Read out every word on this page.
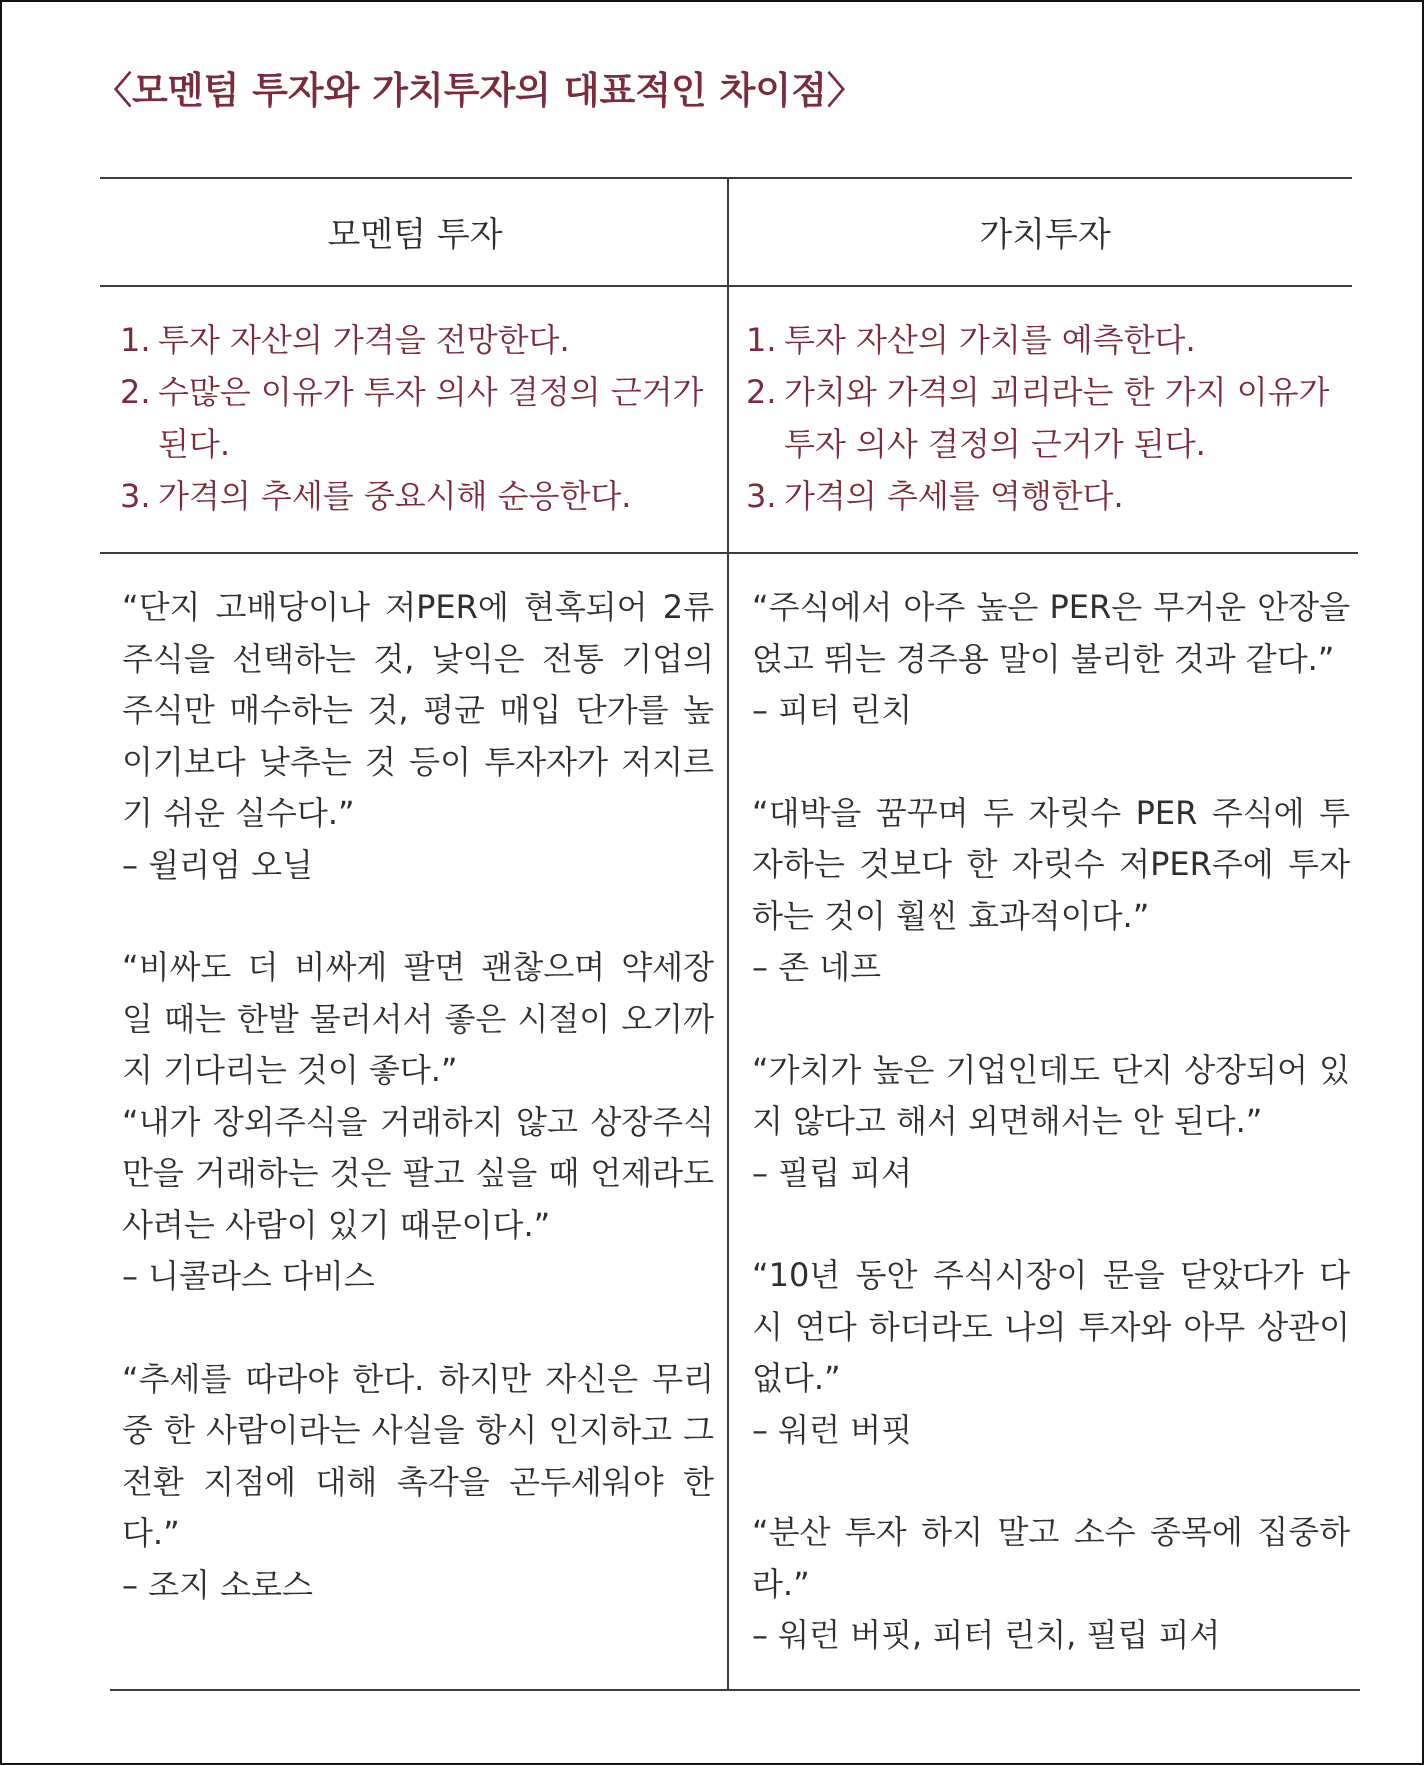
〈모멘텀 투자와 가치투자의 대표적인 차이점〉
모멘텀 투자	가치투자
1. 투자 자산의 가격을 전망한다.
2. 수많은 이유가 투자 의사 결정의 근거가 된다.
3. 가격의 추세를 중요시해 순응한다.
1. 투자 자산의 가치를 예측한다.
2. 가치와 가격의 괴리라는 한 가지 이유가 투자 의사 결정의 근거가 된다.
3. 가격의 추세를 역행한다.
“단지 고배당이나 저PER에 현혹되어 2류 주식을 선택하는 것, 낯익은 전통 기업의 주식만 매수하는 것, 평균 매입 단가를 높이기보다 낮추는 것 등이 투자자가 저지르기 쉬운 실수다.”
– 윌리엄 오닐
“비싸도 더 비싸게 팔면 괜찮으며 약세장일 때는 한발 물러서서 좋은 시절이 오기까지 기다리는 것이 좋다.”
“내가 장외주식을 거래하지 않고 상장주식만을 거래하는 것은 팔고 싶을 때 언제라도 사려는 사람이 있기 때문이다.”
– 니콜라스 다비스
“추세를 따라야 한다. 하지만 자신은 무리 중 한 사람이라는 사실을 항시 인지하고 그 전환 지점에 대해 촉각을 곤두세워야 한다.”
– 조지 소로스
“주식에서 아주 높은 PER은 무거운 안장을 얹고 뛰는 경주용 말이 불리한 것과 같다.”
– 피터 린치
“대박을 꿈꾸며 두 자릿수 PER 주식에 투자하는 것보다 한 자릿수 저PER주에 투자하는 것이 훨씬 효과적이다.”
– 존 네프
“가치가 높은 기업인데도 단지 상장되어 있지 않다고 해서 외면해서는 안 된다.”
– 필립 피셔
“10년 동안 주식시장이 문을 닫았다가 다시 연다 하더라도 나의 투자와 아무 상관이 없다.”
– 워런 버핏
“분산 투자 하지 말고 소수 종목에 집중하라.”
– 워런 버핏, 피터 린치, 필립 피셔
